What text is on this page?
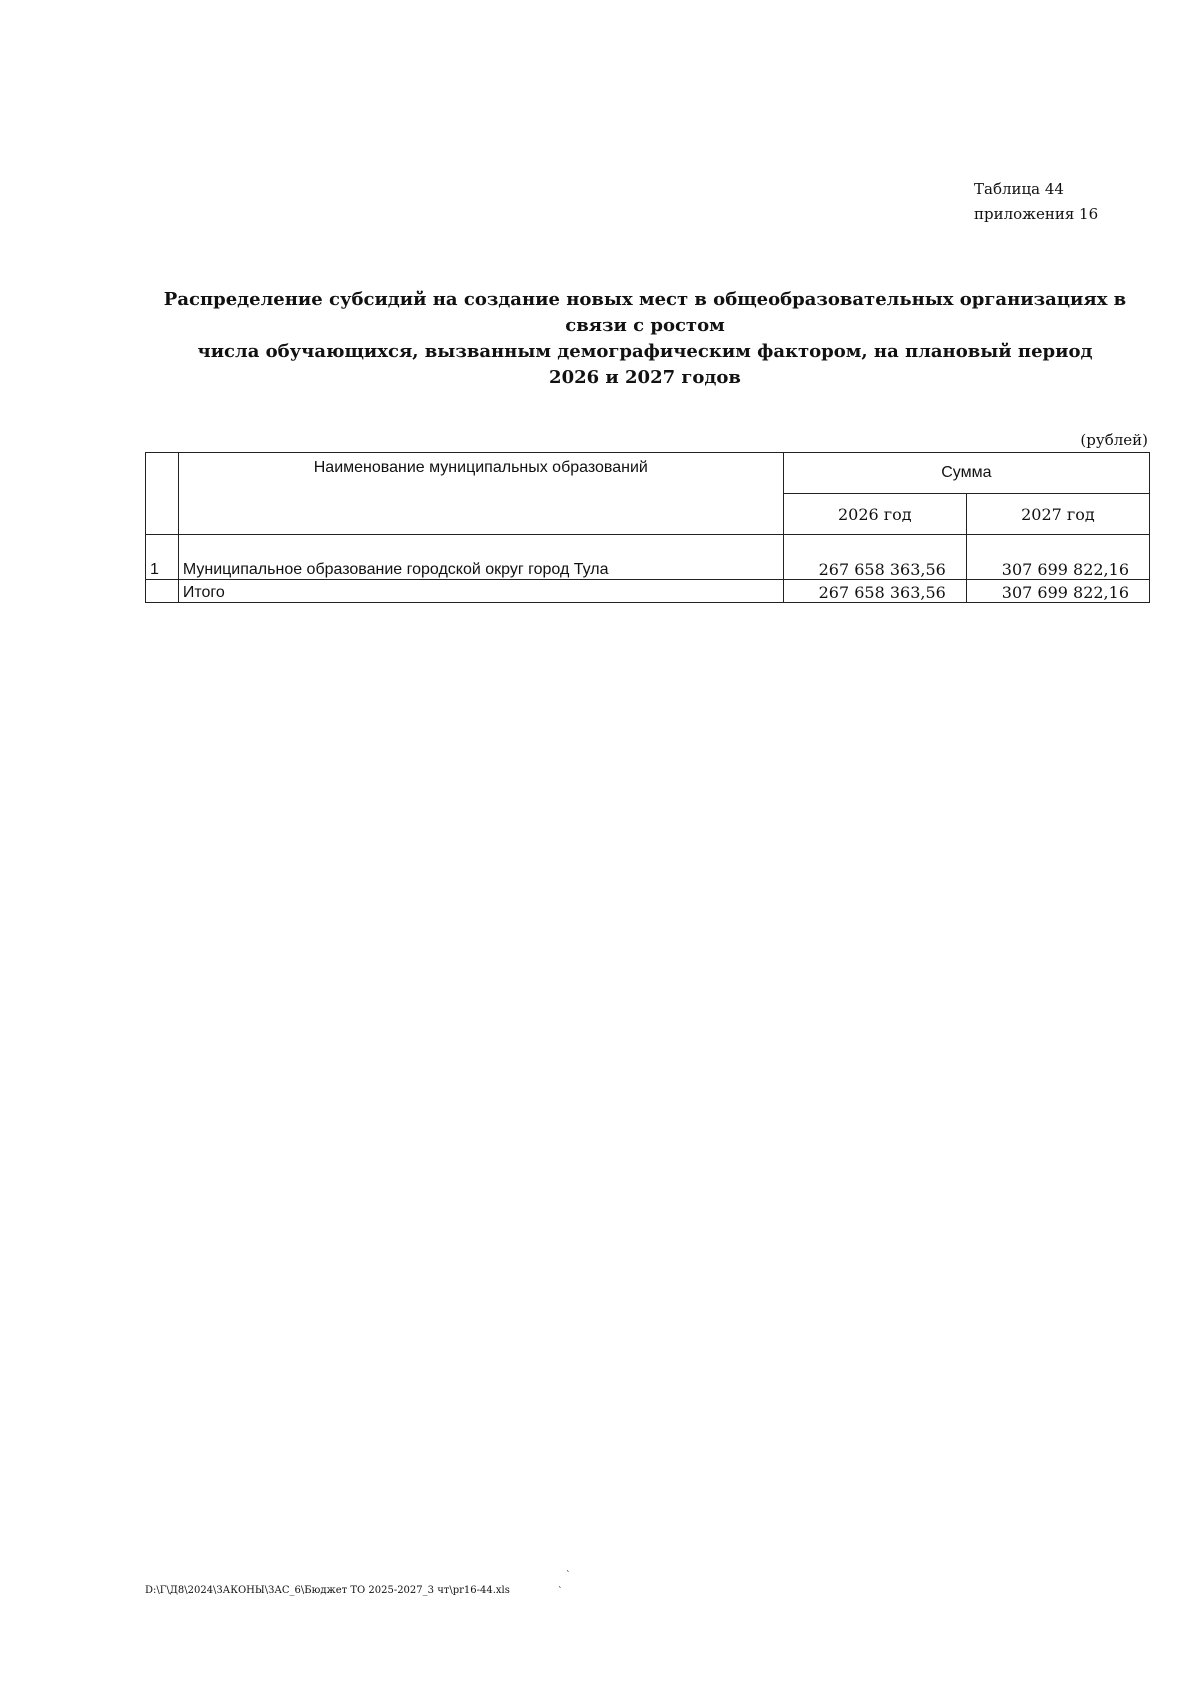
Таблица 44
приложения 16
Распределение субсидий на создание новых мест в общеобразовательных организациях в связи с ростом
числа обучающихся, вызванным демографическим фактором, на плановый период
2026 и 2027 годов
(рублей)
	Наименование муниципальных образований	Сумма	
		2026 год	2027 год
1	Муниципальное образование городской округ город Тула	267 658 363,56	307 699 822,16
	Итого	267 658 363,56	307 699 822,16
D:\Г\Д8\2024\ЗАКОНЫ\ЗАС_6\Бюджет ТО 2025-2027_3 чт\pr16-44.xls
ˋ
ˋ
